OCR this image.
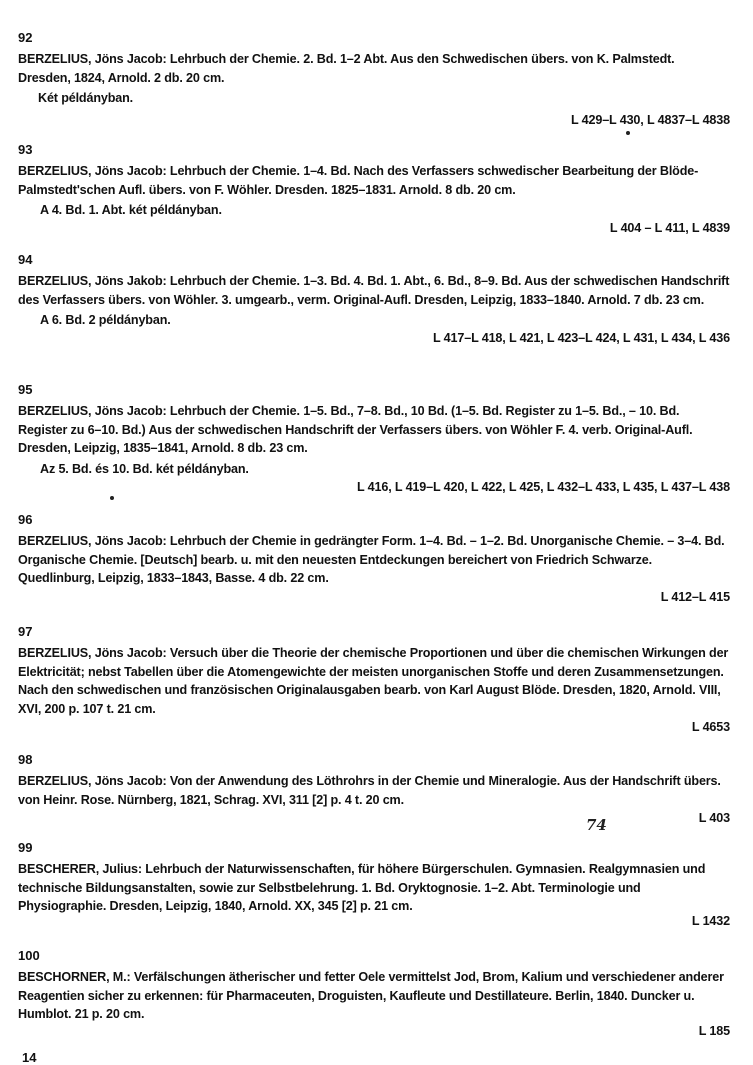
92

BERZELIUS, Jöns Jacob: Lehrbuch der Chemie. 2. Bd. 1–2 Abt. Aus den Schwedischen übers. von K. Palmstedt. Dresden, 1824, Arnold. 2 db. 20 cm.

Két példányban.

L 429–L 430, L 4837–L 4838

93

BERZELIUS, Jöns Jacob: Lehrbuch der Chemie. 1–4. Bd. Nach des Verfassers schwedischer Bearbeitung der Blöde-Palmstedt'schen Aufl. übers. von F. Wöhler. Dresden. 1825–1831. Arnold. 8 db. 20 cm.

A 4. Bd. 1. Abt. két példányban.

L 404 – L 411, L 4839

94

BERZELIUS, Jöns Jakob: Lehrbuch der Chemie. 1–3. Bd. 4. Bd. 1. Abt., 6. Bd., 8–9. Bd. Aus der schwedischen Handschrift des Verfassers übers. von Wöhler. 3. umgearb., verm. Original-Aufl. Dresden, Leipzig, 1833–1840. Arnold. 7 db. 23 cm.

A 6. Bd. 2 példányban.

L 417–L 418, L 421, L 423–L 424, L 431, L 434, L 436

95

BERZELIUS, Jöns Jacob: Lehrbuch der Chemie. 1–5. Bd., 7–8. Bd., 10 Bd. (1–5. Bd. Register zu 1–5. Bd., – 10. Bd. Register zu 6–10. Bd.) Aus der schwedischen Handschrift der Verfassers übers. von Wöhler F. 4. verb. Original-Aufl. Dresden, Leipzig, 1835–1841, Arnold. 8 db. 23 cm.

Az 5. Bd. és 10. Bd. két példányban.

L 416, L 419–L 420, L 422, L 425, L 432–L 433, L 435, L 437–L 438

96

BERZELIUS, Jöns Jacob: Lehrbuch der Chemie in gedrängter Form. 1–4. Bd. – 1–2. Bd. Unorganische Chemie. – 3–4. Bd. Organische Chemie. [Deutsch] bearb. u. mit den neuesten Entdeckungen bereichert von Friedrich Schwarze. Quedlinburg, Leipzig, 1833–1843, Basse. 4 db. 22 cm.

L 412–L 415

97

BERZELIUS, Jöns Jacob: Versuch über die Theorie der chemische Proportionen und über die chemischen Wirkungen der Elektricität; nebst Tabellen über die Atomengewichte der meisten unorganischen Stoffe und deren Zusammensetzungen. Nach den schwedischen und französischen Originalausgaben bearb. von Karl August Blöde. Dresden, 1820, Arnold. VIII, XVI, 200 p. 107 t. 21 cm.

L 4653

98

BERZELIUS, Jöns Jacob: Von der Anwendung des Löthrohrs in der Chemie und Mineralogie. Aus der Handschrift übers. von Heinr. Rose. Nürnberg, 1821, Schrag. XVI, 311 [2] p. 4 t. 20 cm.

L 403

99

BESCHERER, Julius: Lehrbuch der Naturwissenschaften, für höhere Bürgerschulen. Gymnasien. Realgymnasien und technische Bildungsanstalten, sowie zur Selbstbelehrung. 1. Bd. Oryktognosie. 1–2. Abt. Terminologie und Physiographie. Dresden, Leipzig, 1840, Arnold. XX, 345 [2] p. 21 cm.

L 1432

100

BESCHORNER, M.: Verfälschungen ätherischer und fetter Oele vermittelst Jod, Brom, Kalium und verschiedener anderer Reagentien sicher zu erkennen: für Pharmaceuten, Droguisten, Kaufleute und Destillateure. Berlin, 1840. Duncker u. Humblot. 21 p. 20 cm.

L 185

74
14
